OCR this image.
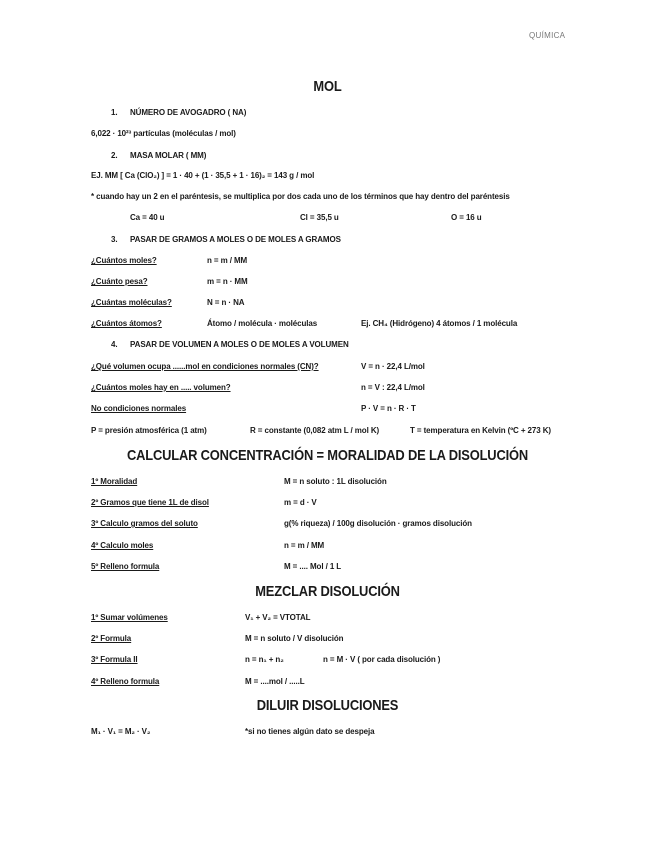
QUÍMICA
MOL
1. NÚMERO DE AVOGADRO ( NA)
6,022 · 10²³ partículas (moléculas / mol)
2. MASA MOLAR ( MM)
EJ. MM [ Ca (ClO₂) ] = 1 · 40 + (1 · 35,5 + 1 · 16)₂ = 143 g / mol
* cuando hay un 2 en el paréntesis, se multiplica por dos cada uno de los términos que hay dentro del paréntesis
Ca = 40 u	Cl = 35,5 u	O = 16 u
3. PASAR DE GRAMOS A MOLES O DE MOLES A GRAMOS
¿Cuántos moles?	n = m / MM
¿Cuánto pesa?	m = n · MM
¿Cuántas moléculas?	N = n · NA
¿Cuántos átomos?	Átomo / molécula · moléculas	Ej. CH₄ (Hidrógeno) 4 átomos / 1 molécula
4. PASAR DE VOLUMEN A MOLES O DE MOLES A VOLUMEN
¿Qué volumen ocupa ......mol en condiciones normales (CN)?	V = n · 22,4 L/mol
¿Cuántos moles hay en ..... volumen?	n = V : 22,4 L/mol
No condiciones normales	P · V = n · R · T
P = presión atmosférica (1 atm)	R = constante (0,082 atm L / mol K)	T = temperatura en Kelvin (ºC + 273 K)
CALCULAR CONCENTRACIÓN = MORALIDAD DE LA DISOLUCIÓN
1º Moralidad	M = n soluto : 1L disolución
2º Gramos que tiene 1L de disol	m = d · V
3º Calculo gramos del soluto	g(% riqueza) / 100g disolución · gramos disolución
4º Calculo moles	n = m / MM
5º Relleno formula	M = .... Mol / 1 L
MEZCLAR DISOLUCIÓN
1º Sumar volúmenes	V₁ + V₂ = VTOTAL
2º Formula	M = n soluto / V disolución
3º Formula II	n = n₁ + n₂	n = M · V ( por cada disolución )
4º Relleno formula	M = ....mol / .....L
DILUIR DISOLUCIONES
M₁ · V₁ = M₂ · V₂	*si no tienes algún dato se despeja
